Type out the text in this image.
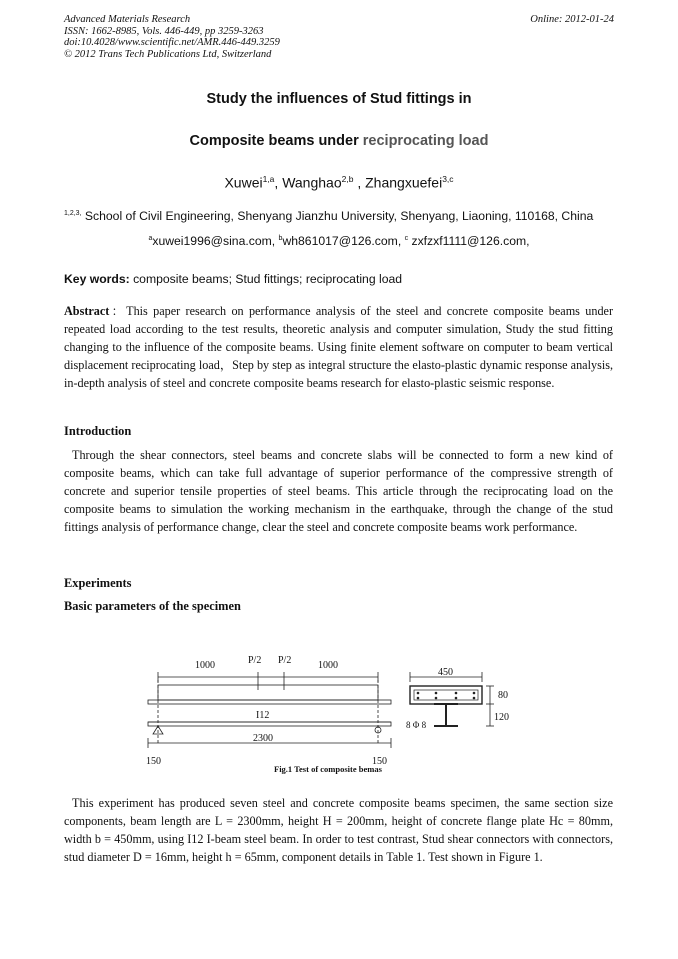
Advanced Materials Research
ISSN: 1662-8985, Vols. 446-449, pp 3259-3263
doi:10.4028/www.scientific.net/AMR.446-449.3259
© 2012 Trans Tech Publications Ltd, Switzerland
Online: 2012-01-24
Study the influences of Stud fittings in
Composite beams under reciprocating load
Xuwei$^{1,a}$, Wanghao$^{2,b}$ , Zhangxuefei$^{3,c}$
$^{1,2,3,}$ School of Civil Engineering, Shenyang Jianzhu University, Shenyang, Liaoning, 110168, China
$^a$xuwei1996@sina.com, $^b$wh861017@126.com, $^c$ zxfzxf1111@126.com,
Key words: composite beams; Stud fittings; reciprocating load

Abstract：This paper research on performance analysis of the steel and concrete composite beams under repeated load according to the test results, theoretic analysis and computer simulation, Study the stud fitting changing to the influence of the composite beams. Using finite element software on computer to beam vertical displacement reciprocating load，Step by step as integral structure the elasto-plastic dynamic response analysis, in-depth analysis of steel and concrete composite beams research for elasto-plastic seismic response.

Introduction

Through the shear connectors, steel beams and concrete slabs will be connected to form a new kind of composite beams, which can take full advantage of superior performance of the compressive strength of concrete and superior tensile properties of steel beams. This article through the reciprocating load on the composite beams to simulation the working mechanism in the earthquake, through the change of the stud fittings analysis of performance change, clear the steel and concrete composite beams work performance.

Experiments
Basic parameters of the specimen
1000	P/2 P/2	1000
I12
2300
150	150
450
80
120
8 Φ 8
Fig.1 Test of composite bemas

This experiment has produced seven steel and concrete composite beams specimen, the same section size components, beam length are L = 2300mm, height H = 200mm, height of concrete flange plate Hc = 80mm, width b = 450mm, using I12 I-beam steel beam. In order to test contrast, Stud shear connectors with connectors, stud diameter D = 16mm, height h = 65mm, component details in Table 1. Test shown in Figure 1.
